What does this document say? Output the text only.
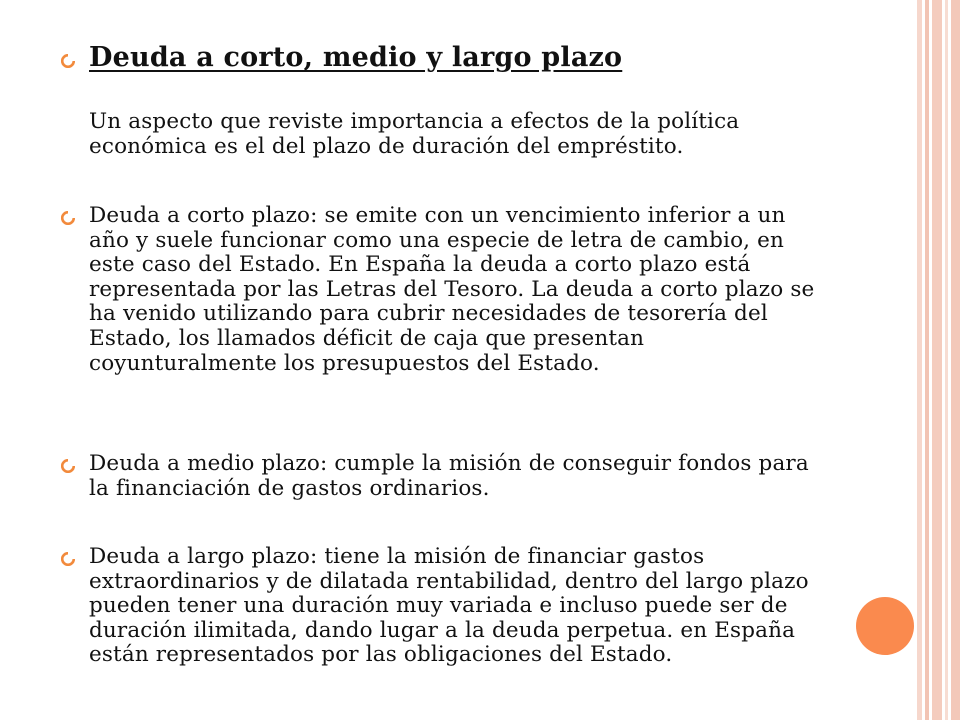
Deuda a corto, medio y largo plazo

Un aspecto que reviste importancia a efectos de la política económica es el del plazo de duración del empréstito.

Deuda a corto plazo: se emite con un vencimiento inferior a un año y suele funcionar como una especie de letra de cambio, en este caso del Estado. En España la deuda a corto plazo está representada por las Letras del Tesoro. La deuda a corto plazo se ha venido utilizando para cubrir necesidades de tesorería del Estado, los llamados déficit de caja que presentan coyunturalmente los presupuestos del Estado.

Deuda a medio plazo: cumple la misión de conseguir fondos para la financiación de gastos ordinarios.

Deuda a largo plazo: tiene la misión de financiar gastos extraordinarios y de dilatada rentabilidad, dentro del largo plazo pueden tener una duración muy variada e incluso puede ser de duración ilimitada, dando lugar a la deuda perpetua. en España están representados por las obligaciones del Estado.
